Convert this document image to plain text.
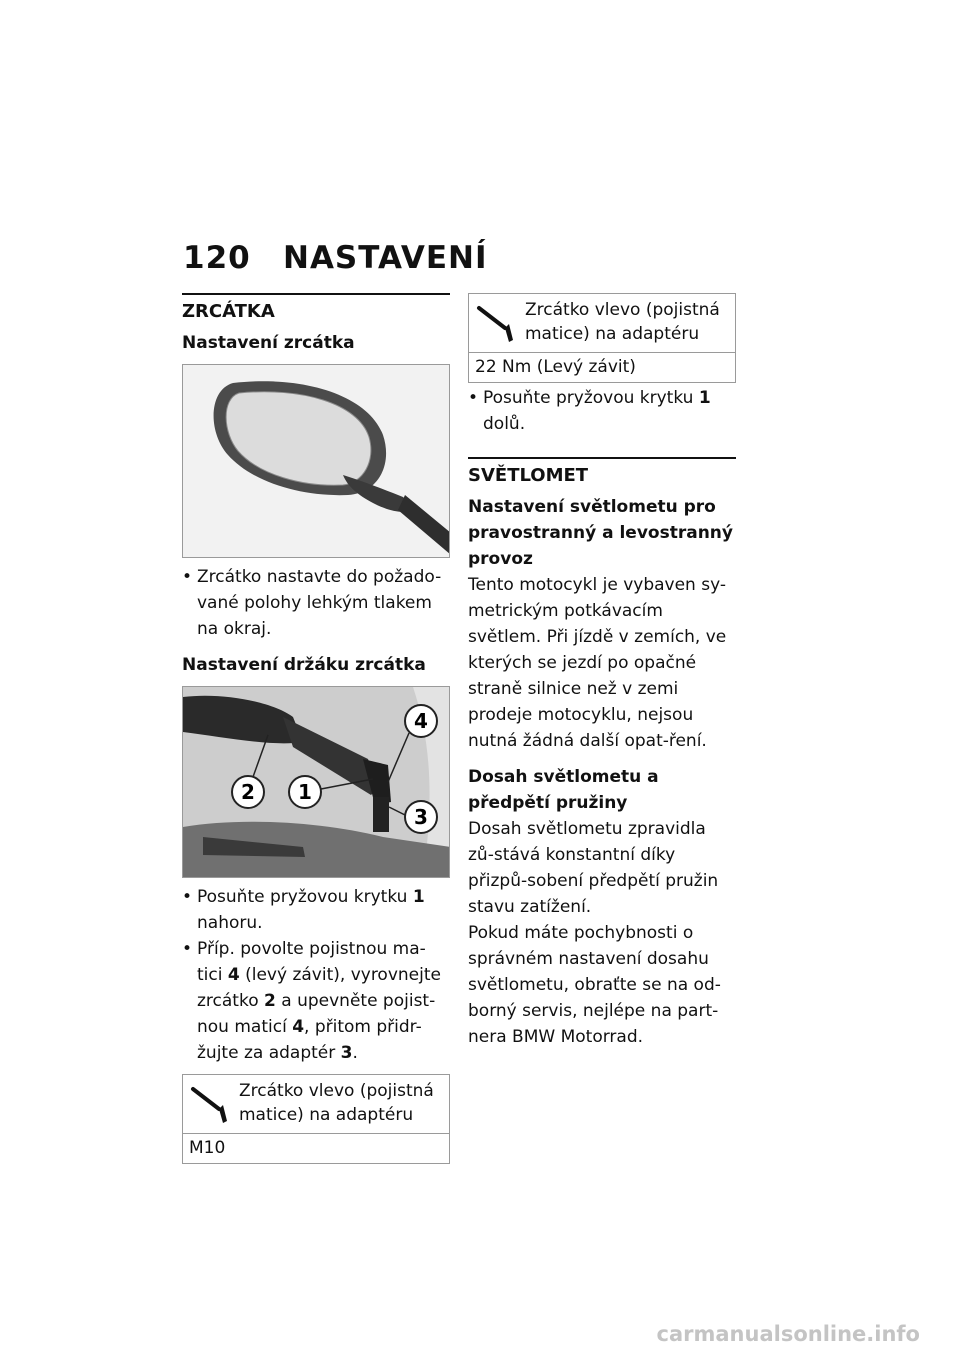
120 NASTAVENÍ
ZRCÁTKA
Nastavení zrcátka
• Zrcátko nastavte do požado-vané polohy lehkým tlakem na okraj.
Nastavení držáku zrcátka
2 1
4
3
• Posuňte pryžovou krytku 1 nahoru.
• Příp. povolte pojistnou ma-tici 4 (levý závit), vyrovnejte zrcátko 2 a upevněte pojist-nou maticí 4, přitom přidr-žujte za adaptér 3.
Zrcátko vlevo (pojistná matice) na adaptéru
M10
Zrcátko vlevo (pojistná matice) na adaptéru
22 Nm (Levý závit)
• Posuňte pryžovou krytku 1 dolů.
SVĚTLOMET
Nastavení světlometu pro pravostranný a levostranný provoz
Tento motocykl je vybaven sy-metrickým potkávacím světlem. Při jízdě v zemích, ve kterých se jezdí po opačné straně silnice než v zemi prodeje motocyklu, nejsou nutná žádná další opat-ření.
Dosah světlometu a předpětí pružiny
Dosah světlometu zpravidla zů-stává konstantní díky přizpů-sobení předpětí pružin stavu zatížení.
Pokud máte pochybnosti o správném nastavení dosahu světlometu, obraťte se na od-borný servis, nejlépe na part-nera BMW Motorrad.
carmanualsonline.info
